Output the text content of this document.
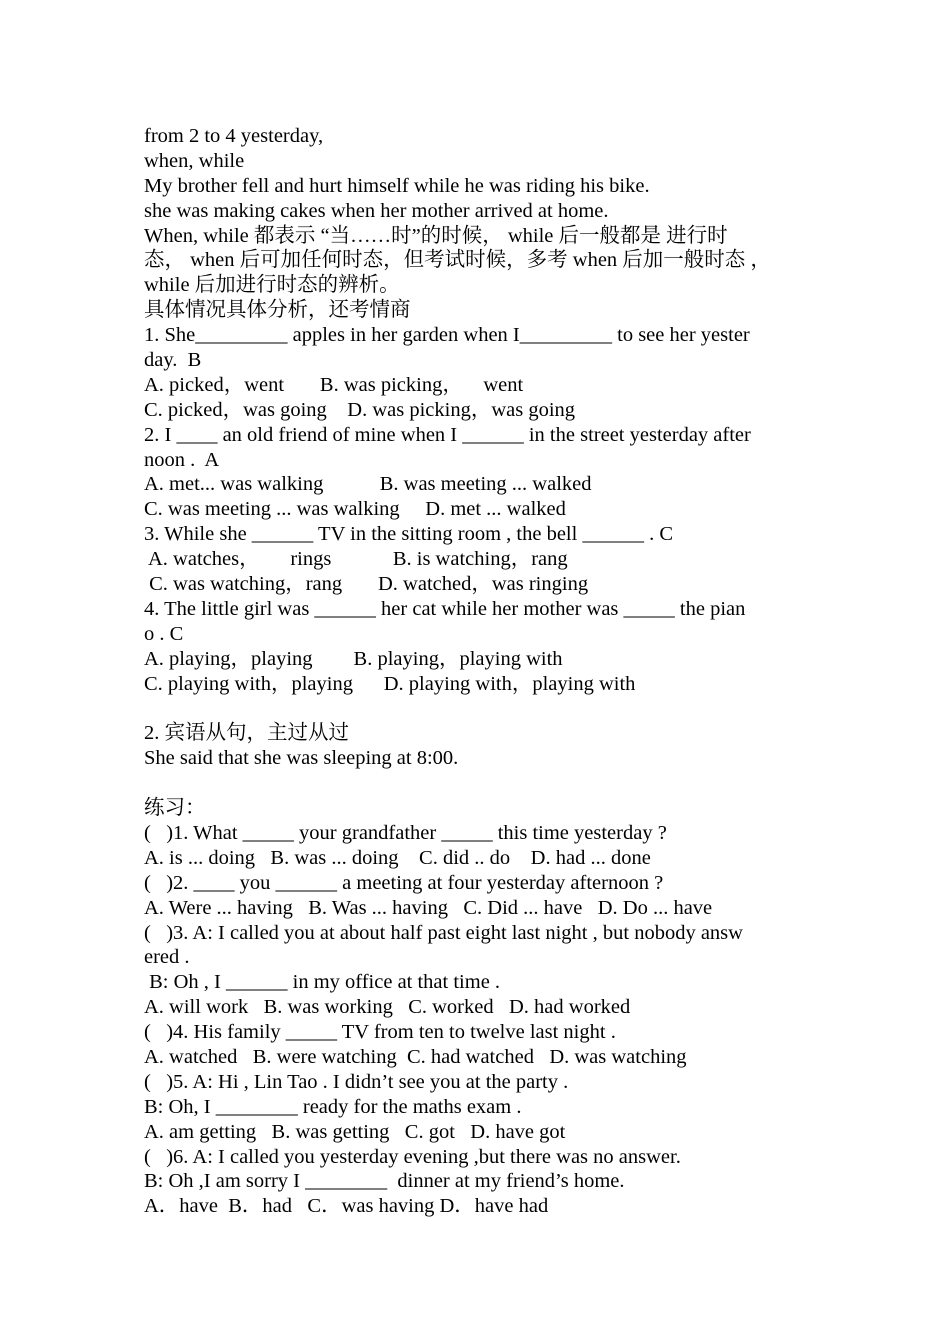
from 2 to 4 yesterday,
when, while
My brother fell and hurt himself while he was riding his bike.
she was making cakes when her mother arrived at home.
When, while 都表示 “当……时”的时候， while 后一般都是 进行时
态， when 后可加任何时态，但考试时候，多考 when 后加一般时态 ，
while 后加进行时态的辨析。
具体情况具体分析，还考情商
1. She_________ apples in her garden when I_________ to see her yester
day.  B
A. picked，went       B. was picking，    went
C. picked，was going    D. was picking，was going
2. I ____ an old friend of mine when I ______ in the street yesterday after
noon .  A
A. met... was walking           B. was meeting ... walked
C. was meeting ... was walking     D. met ... walked
3. While she ______ TV in the sitting room , the bell ______ . C
A. watches，      rings            B. is watching，rang
C. was watching，rang       D. watched，was ringing
4. The little girl was ______ her cat while her mother was _____ the pian
o . C
A. playing，playing        B. playing，playing with
C. playing with，playing      D. playing with，playing with
2. 宾语从句，主过从过
She said that she was sleeping at 8:00.
练习：
(   )1. What _____ your grandfather _____ this time yesterday ?
A. is ... doing   B. was ... doing    C. did .. do    D. had ... done
(   )2. ____ you ______ a meeting at four yesterday afternoon ?
A. Were ... having   B. Was ... having   C. Did ... have   D. Do ... have
(   )3. A: I called you at about half past eight last night , but nobody answ
ered .
B: Oh , I ______ in my office at that time .
A. will work   B. was working   C. worked   D. had worked
(   )4. His family _____ TV from ten to twelve last night .
A. watched   B. were watching  C. had watched   D. was watching
(   )5. A: Hi , Lin Tao . I didn’t see you at the party .
B: Oh, I ________ ready for the maths exam .
A. am getting   B. was getting   C. got   D. have got
(   )6. A: I called you yesterday evening ,but there was no answer.
B: Oh ,I am sorry I ________  dinner at my friend’s home.
A．have  B．had   C．was having D．have had
